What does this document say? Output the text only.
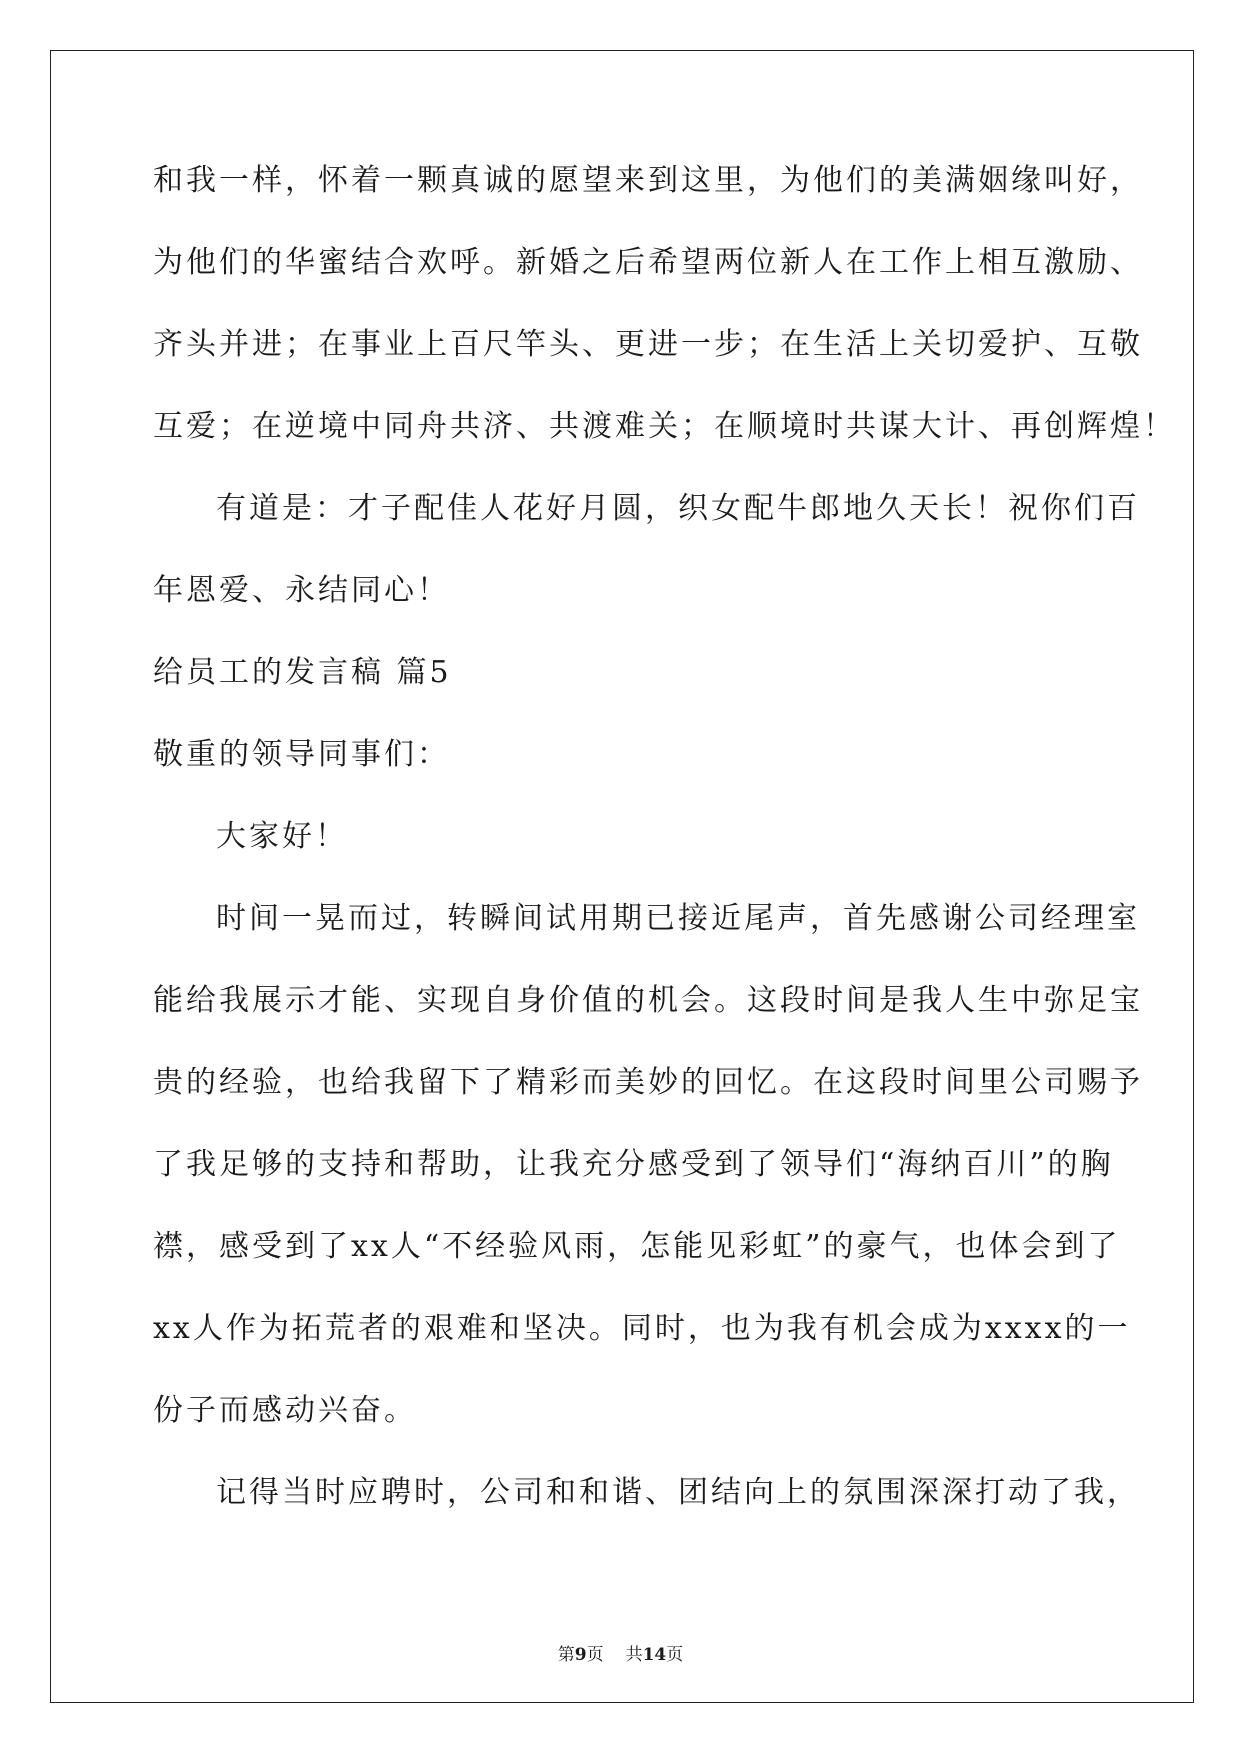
和我一样，怀着一颗真诚的愿望来到这里，为他们的美满姻缘叫好，
为他们的华蜜结合欢呼。新婚之后希望两位新人在工作上相互激励、
齐头并进；在事业上百尺竿头、更进一步；在生活上关切爱护、互敬
互爱；在逆境中同舟共济、共渡难关；在顺境时共谋大计、再创辉煌！
有道是：才子配佳人花好月圆，织女配牛郎地久天长！祝你们百
年恩爱、永结同心！
给员工的发言稿 篇5
敬重的领导同事们：
大家好！
时间一晃而过，转瞬间试用期已接近尾声，首先感谢公司经理室
能给我展示才能、实现自身价值的机会。这段时间是我人生中弥足宝
贵的经验，也给我留下了精彩而美妙的回忆。在这段时间里公司赐予
了我足够的支持和帮助，让我充分感受到了领导们“海纳百川”的胸
襟，感受到了xx人“不经验风雨，怎能见彩虹”的豪气，也体会到了
xx人作为拓荒者的艰难和坚决。同时，也为我有机会成为xxxx的一
份子而感动兴奋。
记得当时应聘时，公司和和谐、团结向上的氛围深深打动了我，
第9页 共14页
